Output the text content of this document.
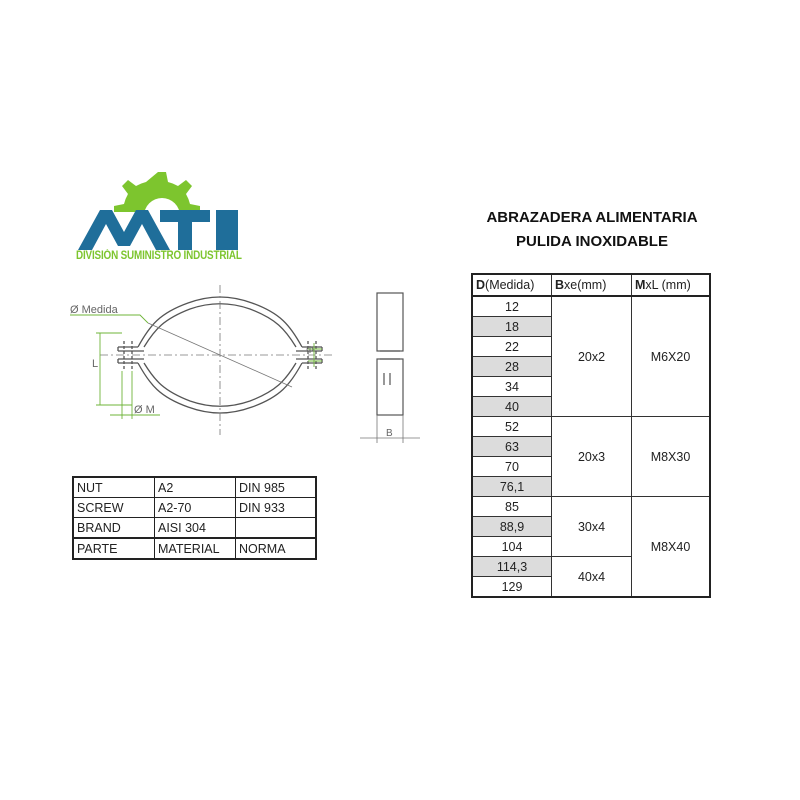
DIVISIÓN SUMINISTRO INDUSTRIAL
ABRAZADERA ALIMENTARIA
PULIDA INOXIDABLE
Ø Medida
L
Ø M
Φ
B
NUT	A2	DIN 985
SCREW	A2-70	DIN 933
BRAND	AISI 304	
PARTE	MATERIAL	NORMA
D(Medida)	Bxe(mm)	MxL (mm)
12	20x2	M6X20
18		
22		
28		
34		
40		
52	20x3	M8X30
63		
70		
76,1		
85	30x4	M8X40
88,9		
104		
114,3	40x4	
129		
